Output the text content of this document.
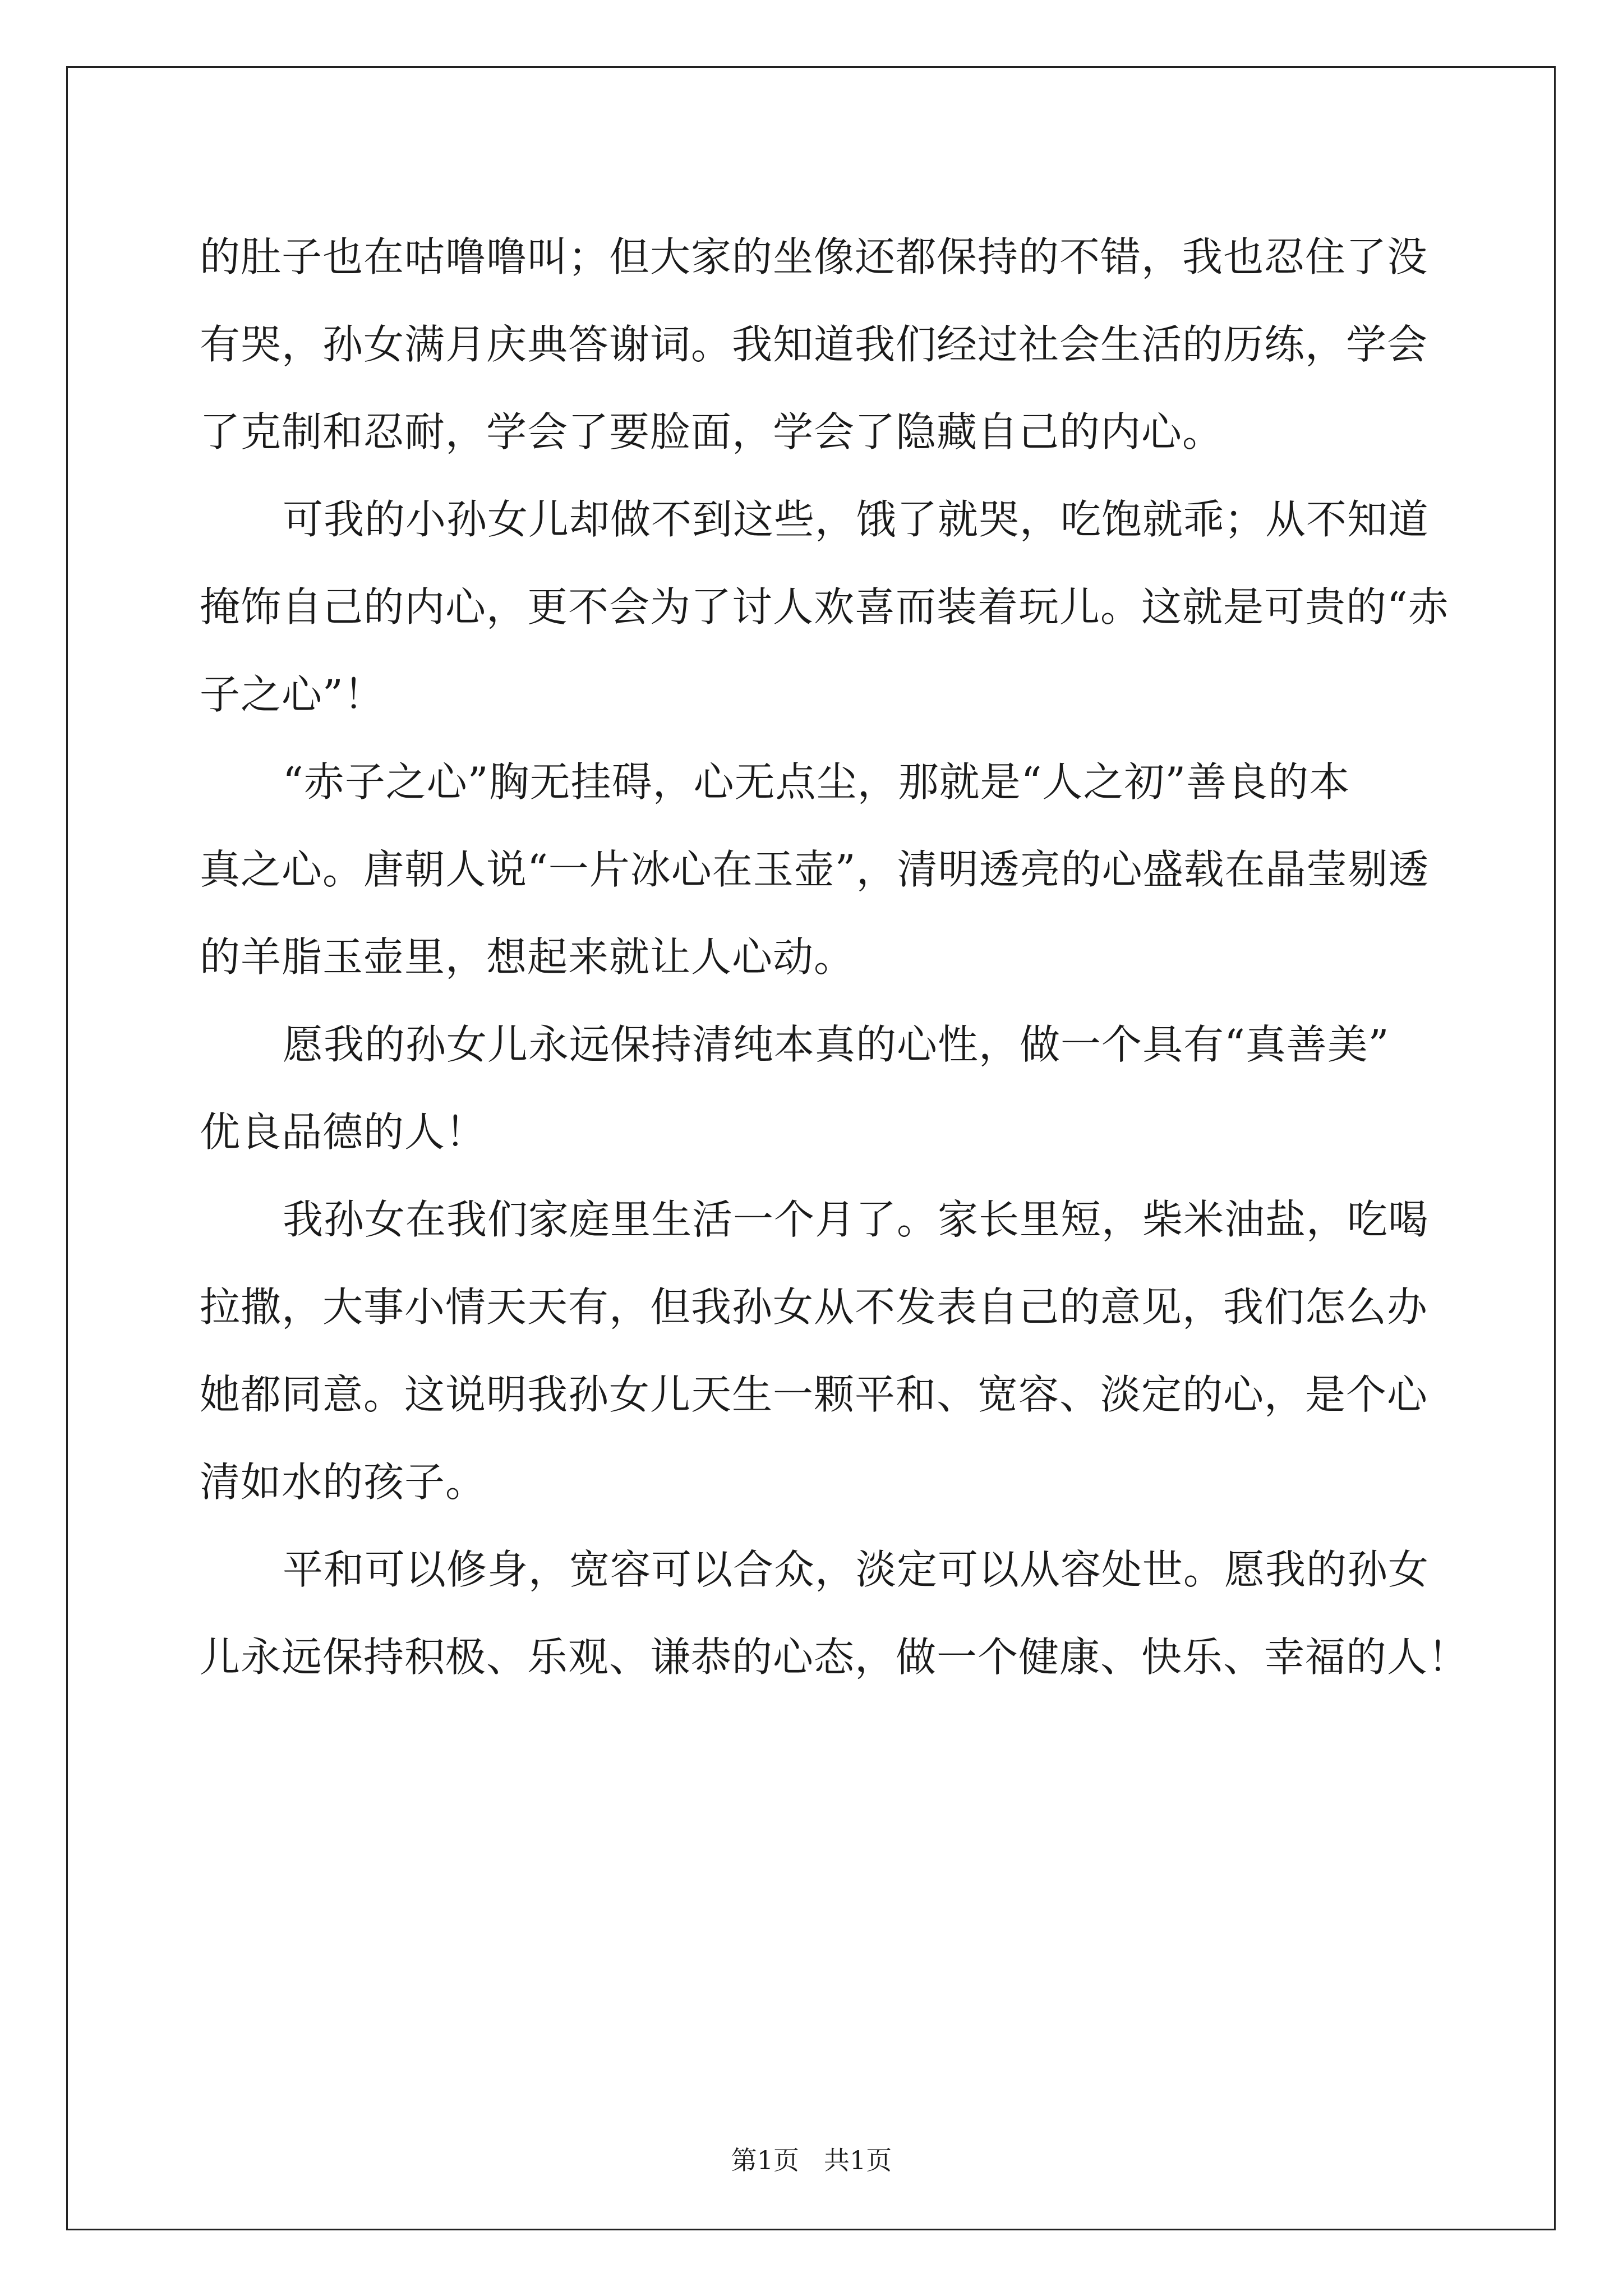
的肚子也在咕噜噜叫；但大家的坐像还都保持的不错，我也忍住了没
有哭，孙女满月庆典答谢词。我知道我们经过社会生活的历练，学会
了克制和忍耐，学会了要脸面，学会了隐藏自己的内心。

可我的小孙女儿却做不到这些，饿了就哭，吃饱就乖；从不知道
掩饰自己的内心，更不会为了讨人欢喜而装着玩儿。这就是可贵的“赤
子之心”！

“赤子之心”胸无挂碍，心无点尘，那就是“人之初”善良的本
真之心。唐朝人说“一片冰心在玉壶”，清明透亮的心盛载在晶莹剔透
的羊脂玉壶里，想起来就让人心动。

愿我的孙女儿永远保持清纯本真的心性，做一个具有“真善美”
优良品德的人！

我孙女在我们家庭里生活一个月了。家长里短，柴米油盐，吃喝
拉撒，大事小情天天有，但我孙女从不发表自己的意见，我们怎么办
她都同意。这说明我孙女儿天生一颗平和、宽容、淡定的心，是个心
清如水的孩子。

平和可以修身，宽容可以合众，淡定可以从容处世。愿我的孙女
儿永远保持积极、乐观、谦恭的心态，做一个健康、快乐、幸福的人！

第1页 共1页
